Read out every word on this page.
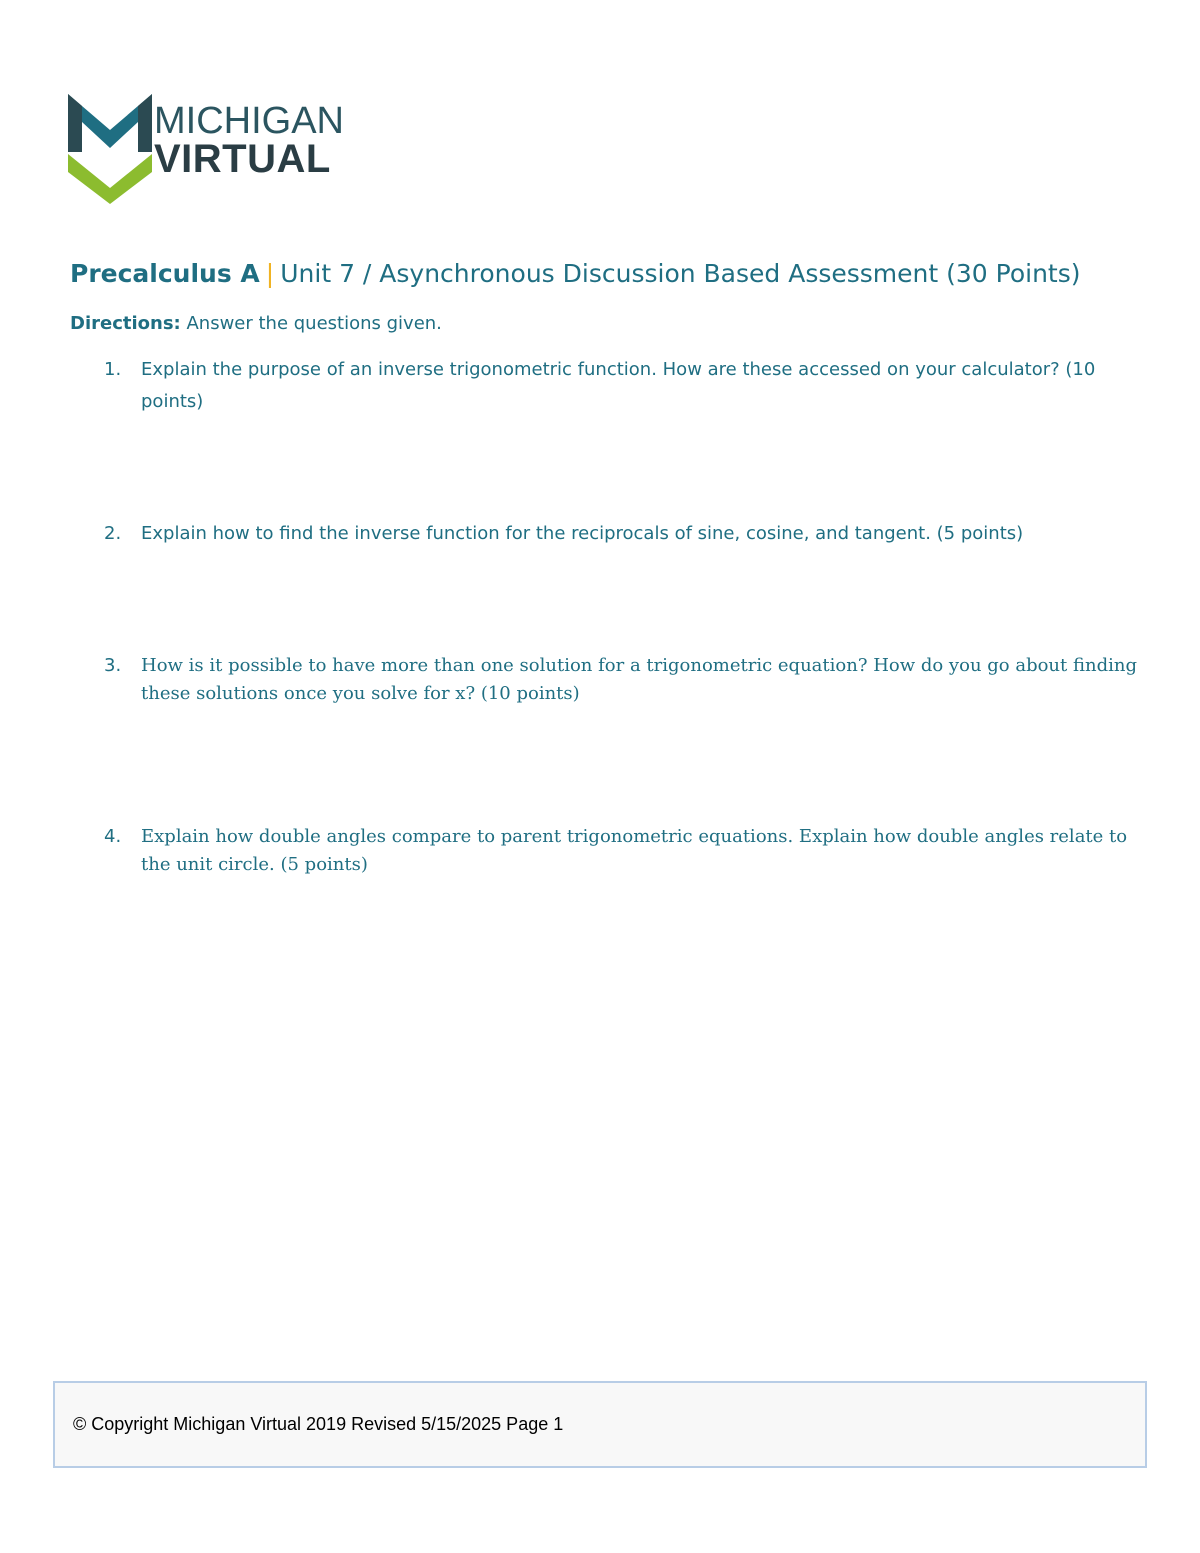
MICHIGAN
VIRTUAL
Precalculus A | Unit 7 / Asynchronous Discussion Based Assessment (30 Points)
Directions: Answer the questions given.
1.	Explain the purpose of an inverse trigonometric function. How are these accessed on your calculator? (10 points)
2.	Explain how to find the inverse function for the reciprocals of sine, cosine, and tangent. (5 points)
3.	How is it possible to have more than one solution for a trigonometric equation? How do you go about finding these solutions once you solve for x? (10 points)
4.	Explain how double angles compare to parent trigonometric equations. Explain how double angles relate to the unit circle. (5 points)
© Copyright Michigan Virtual 2019 Revised 5/15/2025 Page 1
